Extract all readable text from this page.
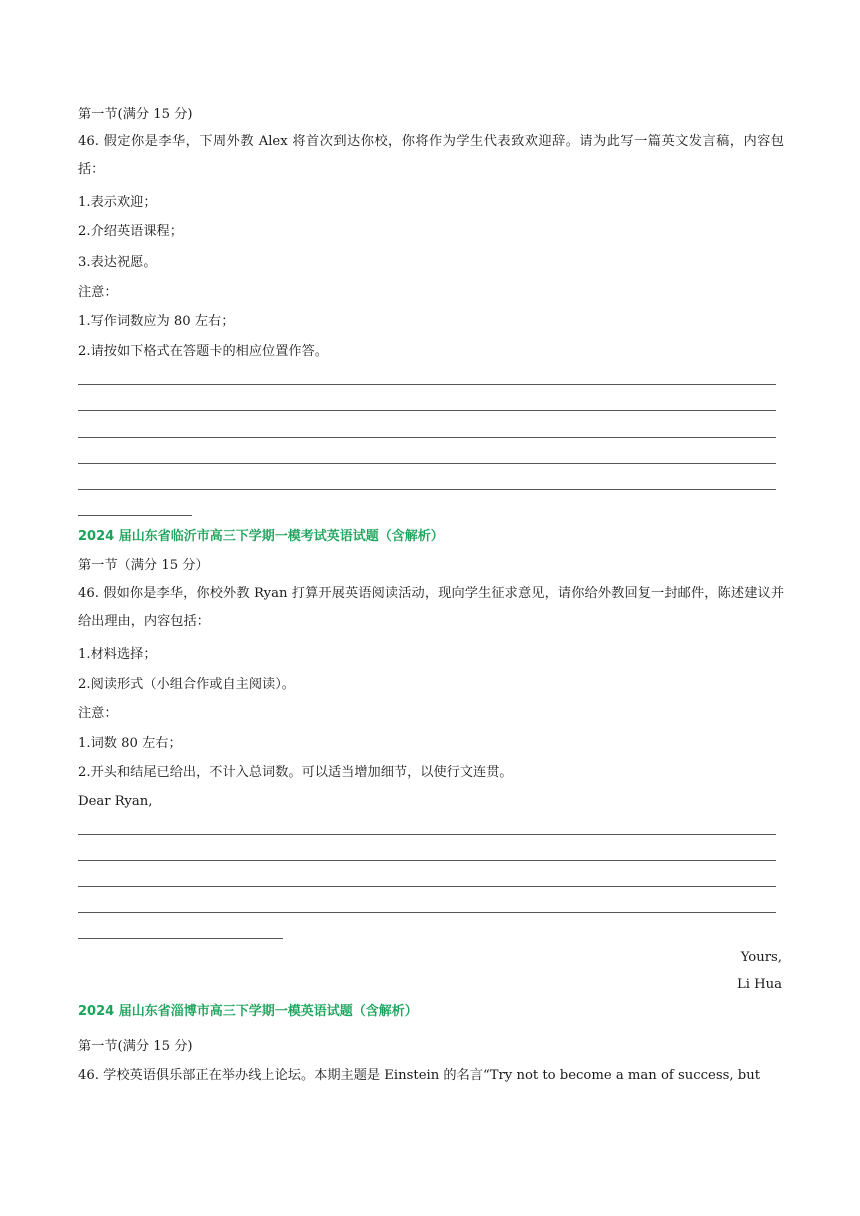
第一节(满分 15 分)

46. 假定你是李华，下周外教 Alex 将首次到达你校，你将作为学生代表致欢迎辞。请为此写一篇英文发言稿，内容包括：

1.表示欢迎；

2.介绍英语课程；

3.表达祝愿。

注意：

1.写作词数应为 80 左右；

2.请按如下格式在答题卡的相应位置作答。

2024 届山东省临沂市高三下学期一模考试英语试题（含解析）

第一节（满分 15 分）

46. 假如你是李华，你校外教 Ryan 打算开展英语阅读活动，现向学生征求意见，请你给外教回复一封邮件，陈述建议并给出理由，内容包括：

1.材料选择；

2.阅读形式（小组合作或自主阅读）。

注意：

1.词数 80 左右；

2.开头和结尾已给出，不计入总词数。可以适当增加细节，以使行文连贯。

Dear Ryan,

Yours,

Li Hua

2024 届山东省淄博市高三下学期一模英语试题（含解析）

第一节(满分 15 分)

46. 学校英语俱乐部正在举办线上论坛。本期主题是 Einstein 的名言“Try not to become a man of success, but
